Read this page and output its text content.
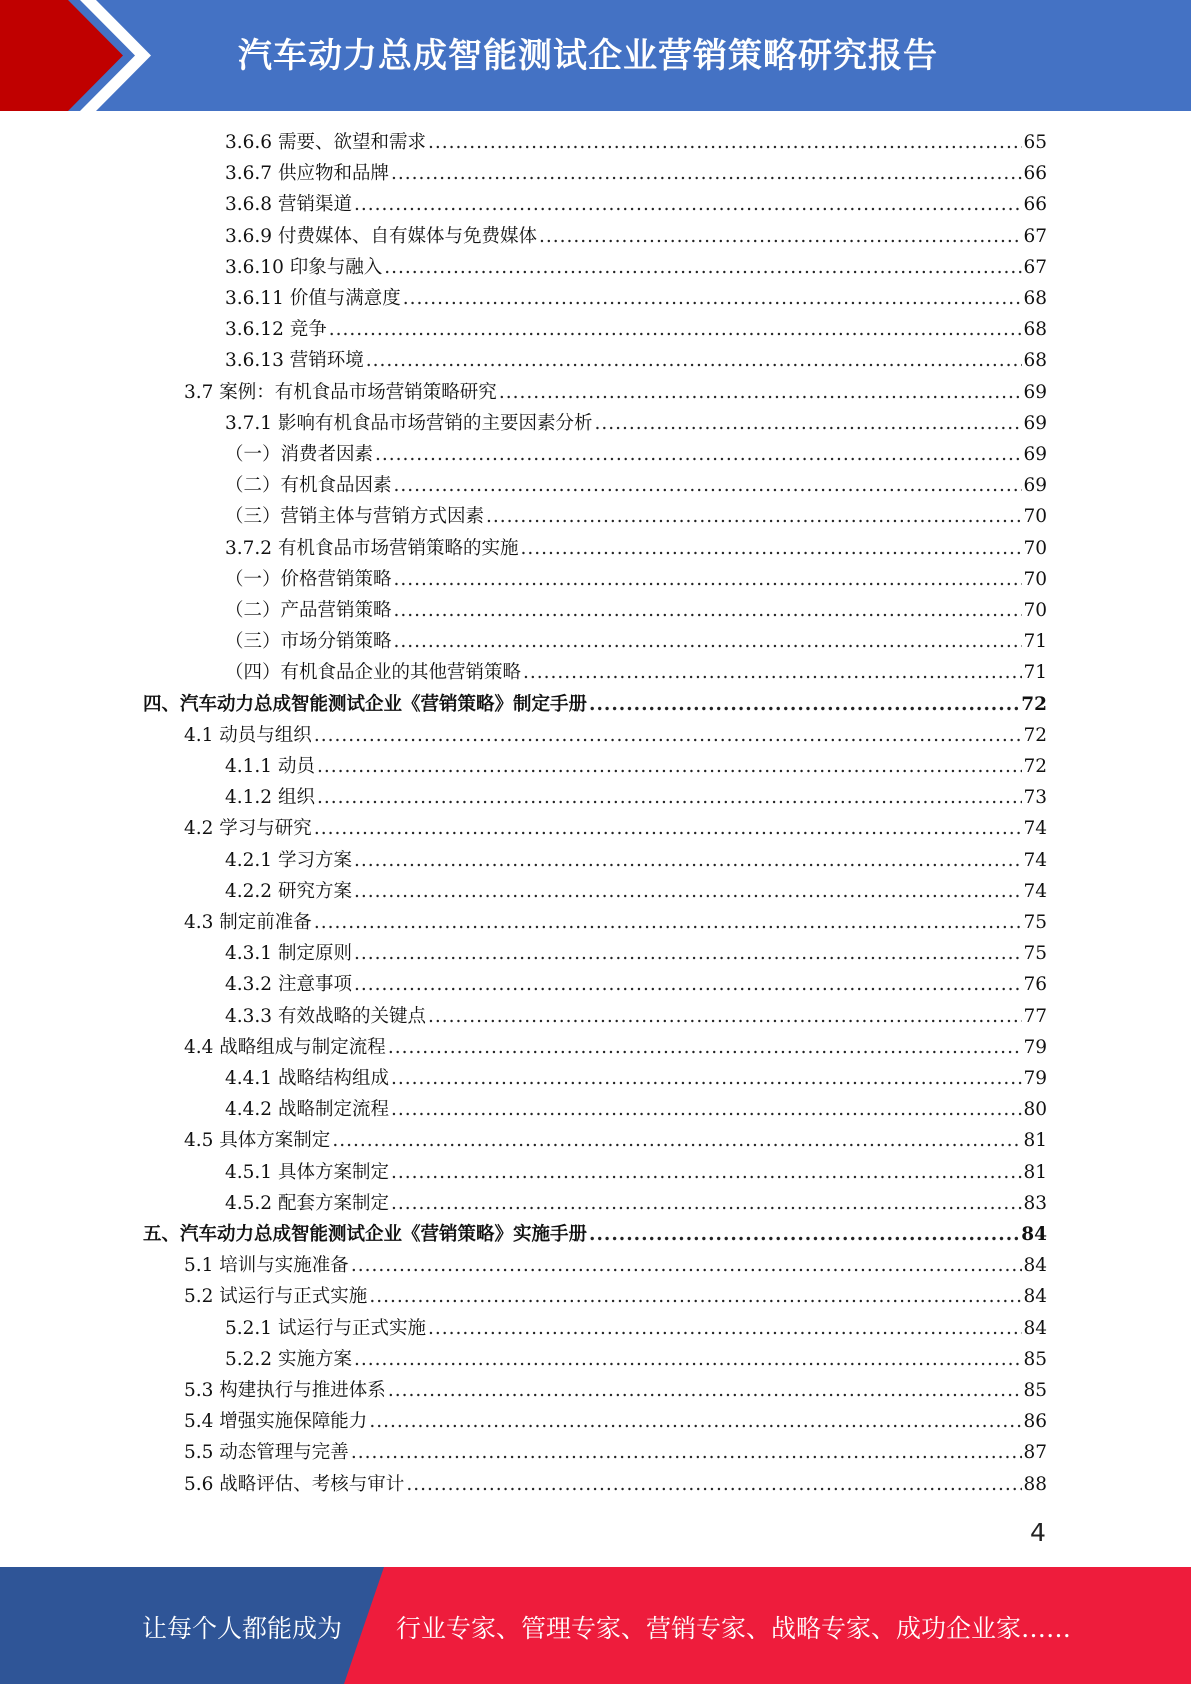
汽车动力总成智能测试企业营销策略研究报告
3.6.6 需要、欲望和需求 .....	65
3.6.7 供应物和品牌 .....	66
3.6.8 营销渠道 .....	66
3.6.9 付费媒体、自有媒体与免费媒体 .....	67
3.6.10 印象与融入 .....	67
3.6.11 价值与满意度 .....	68
3.6.12 竞争 .....	68
3.6.13 营销环境 .....	68
3.7 案例：有机食品市场营销策略研究 .....	69
3.7.1 影响有机食品市场营销的主要因素分析 .....	69
（一）消费者因素 .....	69
（二）有机食品因素 .....	69
（三）营销主体与营销方式因素 .....	70
3.7.2 有机食品市场营销策略的实施 .....	70
（一）价格营销策略 .....	70
（二）产品营销策略 .....	70
（三）市场分销策略 .....	71
（四）有机食品企业的其他营销策略 .....	71
四、汽车动力总成智能测试企业《营销策略》制定手册 .....	72
4.1 动员与组织 .....	72
4.1.1 动员 .....	72
4.1.2 组织 .....	73
4.2 学习与研究 .....	74
4.2.1 学习方案 .....	74
4.2.2 研究方案 .....	74
4.3 制定前准备 .....	75
4.3.1 制定原则 .....	75
4.3.2 注意事项 .....	76
4.3.3 有效战略的关键点 .....	77
4.4 战略组成与制定流程 .....	79
4.4.1 战略结构组成 .....	79
4.4.2 战略制定流程 .....	80
4.5 具体方案制定 .....	81
4.5.1 具体方案制定 .....	81
4.5.2 配套方案制定 .....	83
五、汽车动力总成智能测试企业《营销策略》实施手册 .....	84
5.1 培训与实施准备 .....	84
5.2 试运行与正式实施 .....	84
5.2.1 试运行与正式实施 .....	84
5.2.2 实施方案 .....	85
5.3 构建执行与推进体系 .....	85
5.4 增强实施保障能力 .....	86
5.5 动态管理与完善 .....	87
5.6 战略评估、考核与审计 .....	88
4
让每个人都能成为 行业专家、管理专家、营销专家、战略专家、成功企业家……
